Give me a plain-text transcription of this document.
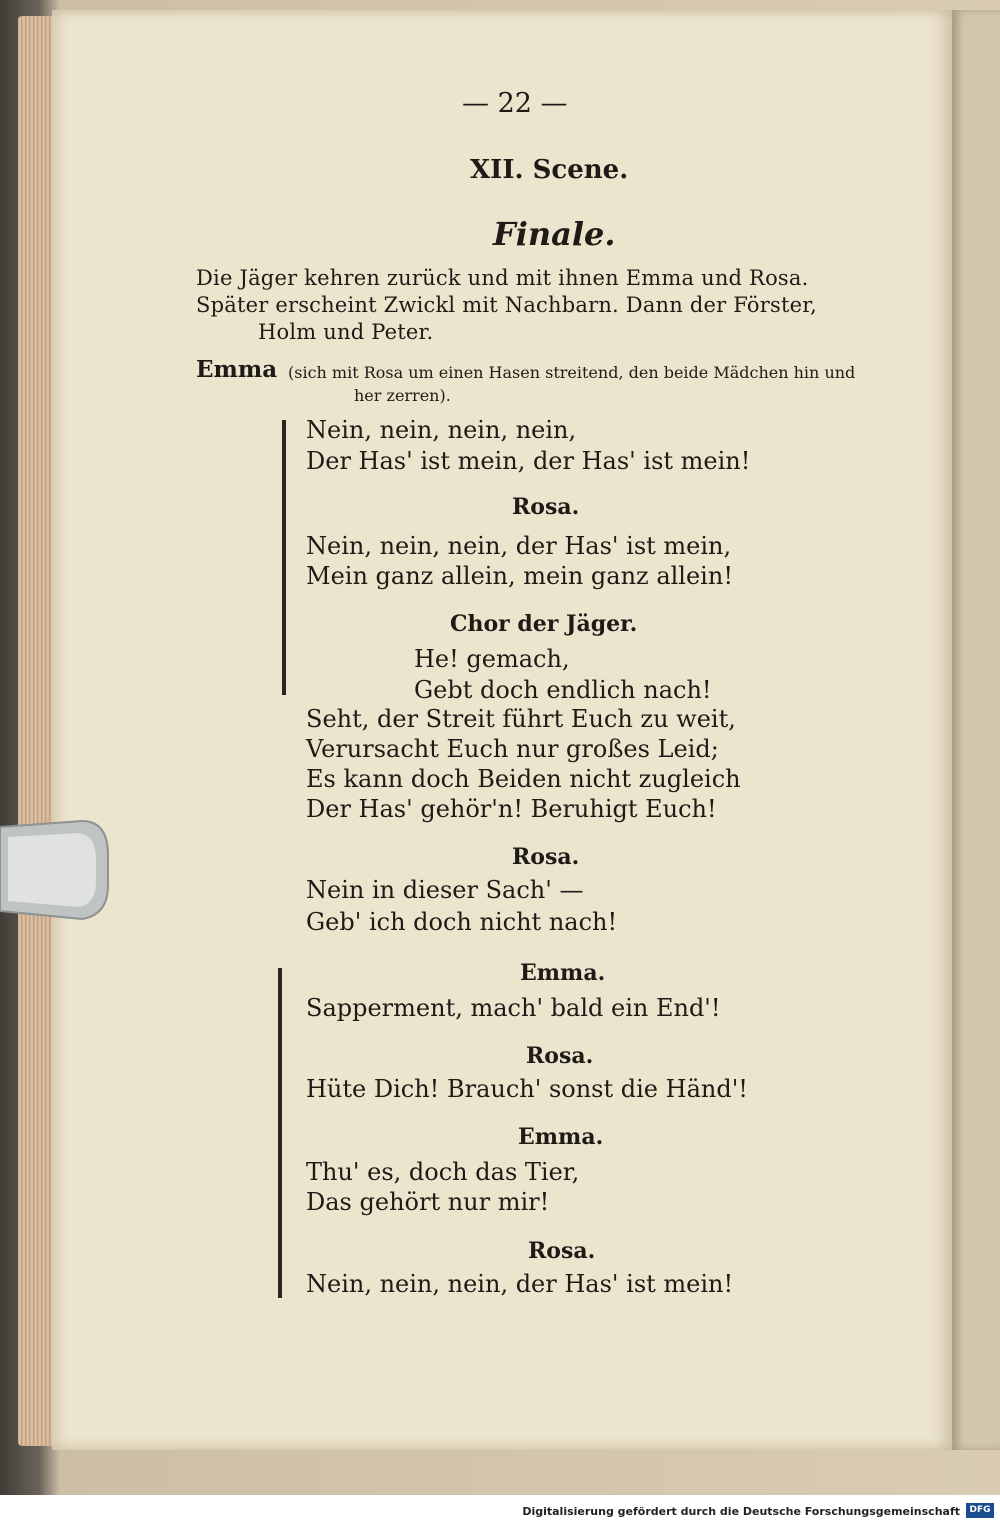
— 22 —
XII. Scene.
Finale.
Die Jäger kehren zurück und mit ihnen Emma und Rosa.
Später erscheint Zwickl mit Nachbarn. Dann der Förster,
Holm und Peter.
Emma (sich mit Rosa um einen Hasen streitend, den beide Mädchen hin und
her zerren).
Nein, nein, nein, nein,
Der Has' ist mein, der Has' ist mein!
Rosa.
Nein, nein, nein, der Has' ist mein,
Mein ganz allein, mein ganz allein!
Chor der Jäger.
He! gemach,
Gebt doch endlich nach!
Seht, der Streit führt Euch zu weit,
Verursacht Euch nur großes Leid;
Es kann doch Beiden nicht zugleich
Der Has' gehör'n! Beruhigt Euch!
Rosa.
Nein in dieser Sach' —
Geb' ich doch nicht nach!
Emma.
Sapperment, mach' bald ein End'!
Rosa.
Hüte Dich! Brauch' sonst die Händ'!
Emma.
Thu' es, doch das Tier,
Das gehört nur mir!
Rosa.
Nein, nein, nein, der Has' ist mein!
Digitalisierung gefördert durch die Deutsche Forschungsgemeinschaft	DFG
